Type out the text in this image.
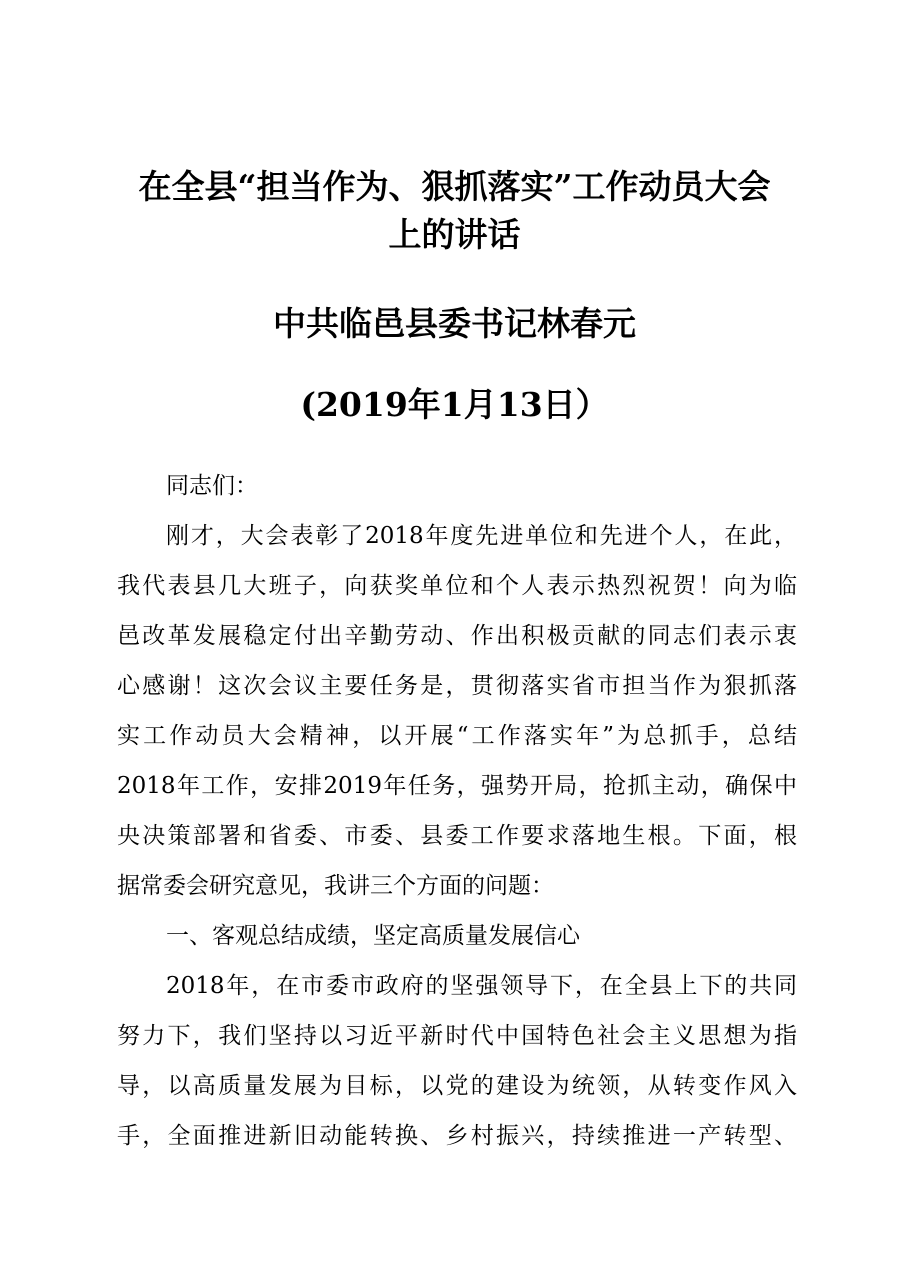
在全县“担当作为、狠抓落实”工作动员大会
上的讲话
中共临邑县委书记林春元
(2019年1月13日）
同志们：
刚才，大会表彰了2018年度先进单位和先进个人，在此，
我代表县几大班子，向获奖单位和个人表示热烈祝贺！向为临
邑改革发展稳定付出辛勤劳动、作出积极贡献的同志们表示衷
心感谢！这次会议主要任务是，贯彻落实省市担当作为狠抓落
实工作动员大会精神，以开展“工作落实年”为总抓手，总结
2018年工作，安排2019年任务，强势开局，抢抓主动，确保中
央决策部署和省委、市委、县委工作要求落地生根。下面，根
据常委会研究意见，我讲三个方面的问题：
一、客观总结成绩，坚定高质量发展信心
2018年，在市委市政府的坚强领导下，在全县上下的共同
努力下，我们坚持以习近平新时代中国特色社会主义思想为指
导，以高质量发展为目标，以党的建设为统领，从转变作风入
手，全面推进新旧动能转换、乡村振兴，持续推进一产转型、
